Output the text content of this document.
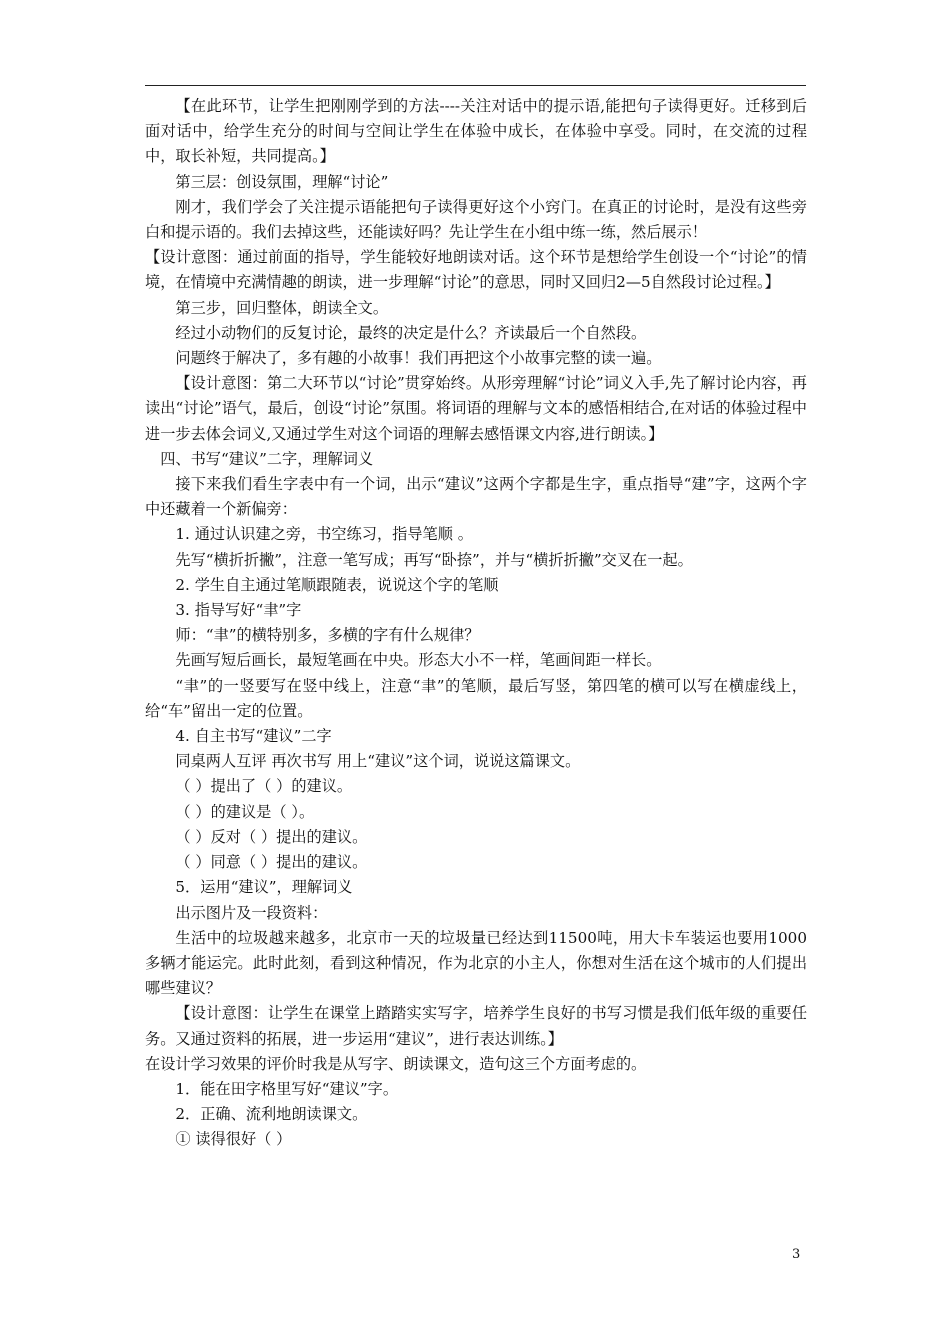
【在此环节，让学生把刚刚学到的方法----关注对话中的提示语,能把句子读得更好。迁移到后面对话中，给学生充分的时间与空间让学生在体验中成长，在体验中享受。同时，在交流的过程中，取长补短，共同提高。】

第三层：创设氛围，理解“讨论”

刚才，我们学会了关注提示语能把句子读得更好这个小窍门。在真正的讨论时，是没有这些旁白和提示语的。我们去掉这些，还能读好吗？先让学生在小组中练一练，然后展示！

【设计意图：通过前面的指导，学生能较好地朗读对话。这个环节是想给学生创设一个“讨论”的情境，在情境中充满情趣的朗读，进一步理解“讨论”的意思，同时又回归2—5自然段讨论过程。】

第三步，回归整体，朗读全文。

经过小动物们的反复讨论，最终的决定是什么？齐读最后一个自然段。

问题终于解决了，多有趣的小故事！我们再把这个小故事完整的读一遍。

【设计意图：第二大环节以“讨论”贯穿始终。从形旁理解“讨论”词义入手,先了解讨论内容，再读出“讨论”语气，最后，创设“讨论”氛围。将词语的理解与文本的感悟相结合,在对话的体验过程中进一步去体会词义,又通过学生对这个词语的理解去感悟课文内容,进行朗读。】

四、书写“建议”二字，理解词义

接下来我们看生字表中有一个词，出示“建议”这两个字都是生字，重点指导“建”字，这两个字中还藏着一个新偏旁：

1. 通过认识建之旁，书空练习，指导笔顺 。

先写“横折折撇”，注意一笔写成；再写“卧捺”，并与“横折折撇”交叉在一起。

2. 学生自主通过笔顺跟随表，说说这个字的笔顺

3. 指导写好“聿”字

师：“聿”的横特别多，多横的字有什么规律？

先画写短后画长，最短笔画在中央。形态大小不一样，笔画间距一样长。

“聿”的一竖要写在竖中线上，注意“聿”的笔顺，最后写竖，第四笔的横可以写在横虚线上，给“⻋”留出一定的位置。

4. 自主书写“建议”二字

同桌两人互评 再次书写 用上“建议”这个词，说说这篇课文。

（ ）提出了（ ）的建议。

（ ）的建议是（ ）。

（ ）反对（ ）提出的建议。

（ ）同意（ ）提出的建议。

5．运用“建议”，理解词义

出示图片及一段资料：

生活中的垃圾越来越多，北京市一天的垃圾量已经达到11500吨，用大卡车装运也要用1000多辆才能运完。此时此刻，看到这种情况，作为北京的小主人，你想对生活在这个城市的人们提出哪些建议？

【设计意图：让学生在课堂上踏踏实实写字，培养学生良好的书写习惯是我们低年级的重要任务。又通过资料的拓展，进一步运用“建议”，进行表达训练。】

在设计学习效果的评价时我是从写字、朗读课文，造句这三个方面考虑的。

1．能在田字格里写好“建议”字。

2．正确、流利地朗读课文。

① 读得很好（ ）

3
